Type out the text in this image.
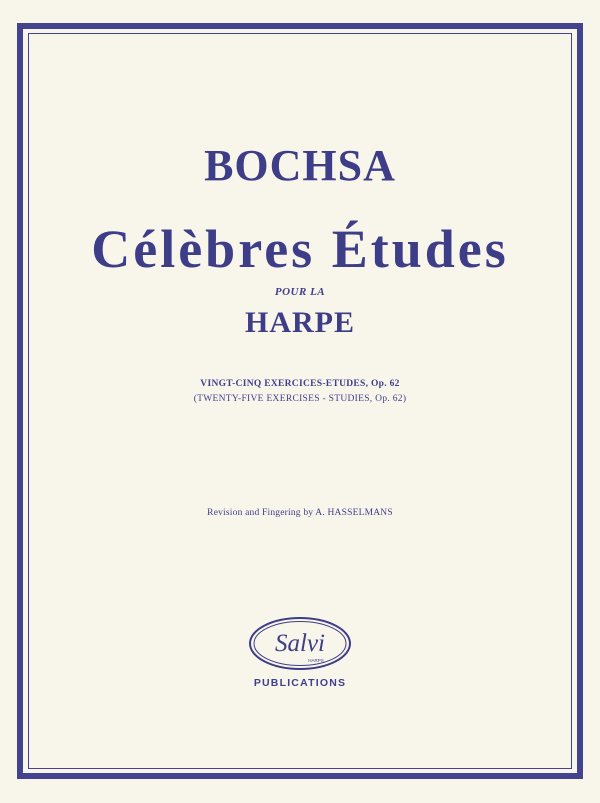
BOCHSA
Célèbres Études
POUR LA
HARPE
VINGT-CINQ EXERCICES-ETUDES, Op. 62
(TWENTY-FIVE EXERCISES - STUDIES, Op. 62)
Revision and Fingering by A. HASSELMANS
Salvi
HARPS
PUBLICATIONS
